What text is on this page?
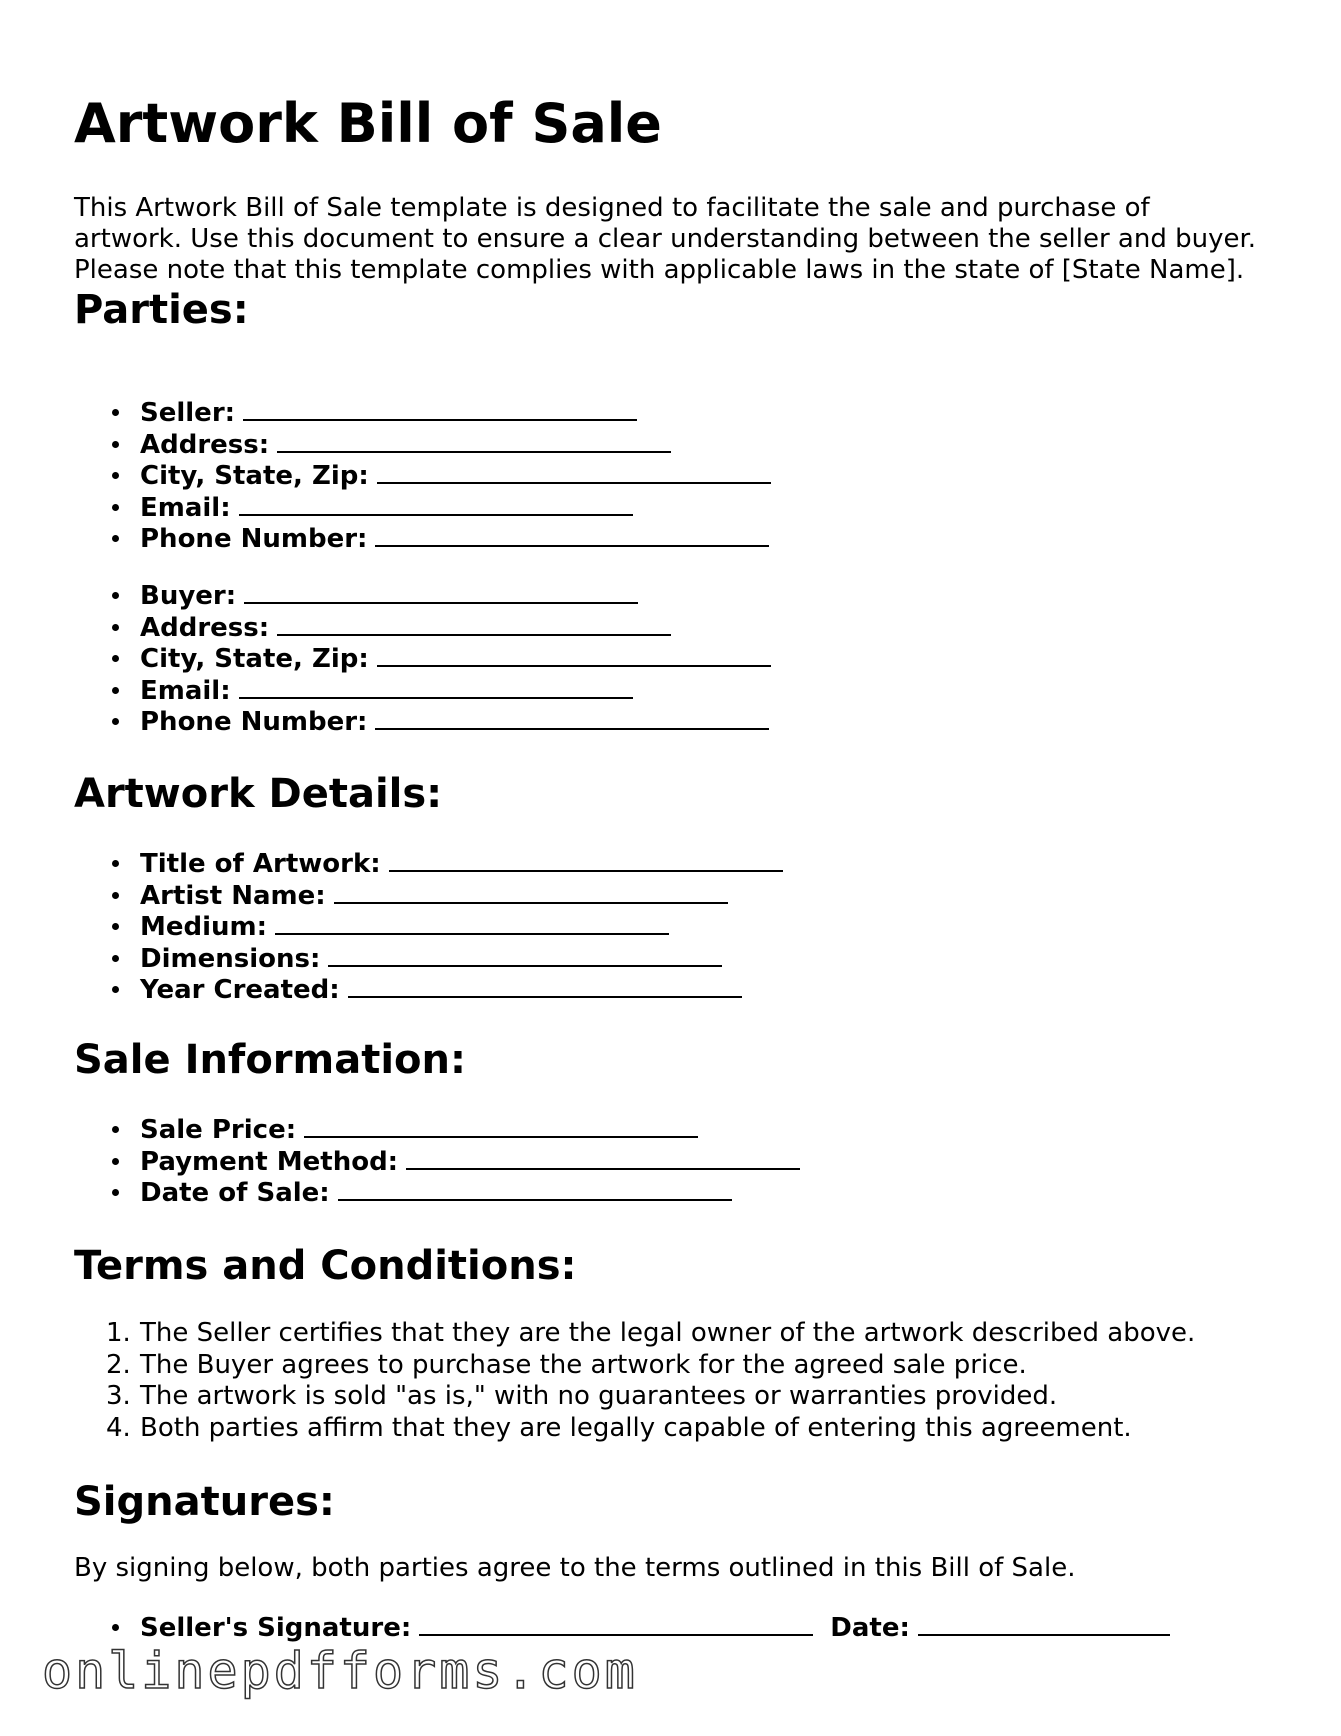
Artwork Bill of Sale
This Artwork Bill of Sale template is designed to facilitate the sale and purchase of
artwork. Use this document to ensure a clear understanding between the seller and buyer.
Please note that this template complies with applicable laws in the state of [State Name].
Parties:
Seller:
Address:
City, State, Zip:
Email:
Phone Number:
Buyer:
Address:
City, State, Zip:
Email:
Phone Number:
Artwork Details:
Title of Artwork:
Artist Name:
Medium:
Dimensions:
Year Created:
Sale Information:
Sale Price:
Payment Method:
Date of Sale:
Terms and Conditions:
1. The Seller certifies that they are the legal owner of the artwork described above.
2. The Buyer agrees to purchase the artwork for the agreed sale price.
3. The artwork is sold "as is," with no guarantees or warranties provided.
4. Both parties affirm that they are legally capable of entering this agreement.
Signatures:

By signing below, both parties agree to the terms outlined in this Bill of Sale.

Seller's Signature:	Date:
onlinepdfforms.com
